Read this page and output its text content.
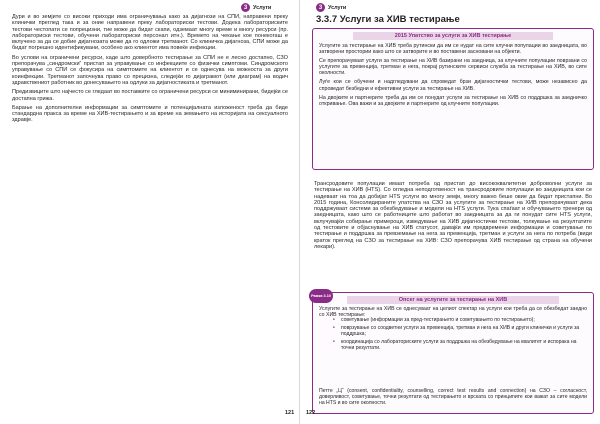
3	Услуги

Дури и во земјите со високи приходи има ограничувања како за дијагнози на СПИ, направени преку клинички преглед така и за оние направени преку лабораториски тестови. Додека лабораториските тестови честопати се попрецизни, тие може да бидат скапи, одземаат многу време и многу ресурси (пр. лабораториски тестови, обучени лабораториски персонал итн.). Времето на чекање кое понекогаш е вклучено за да се добие дијагнозата може да го одложи третманот. Со клиничка дијагноза, СПИ може да бидат погрешно идентификувани, особено ако клиентот има повеќе инфекции.

Во услови на ограничени ресурси, каде што довербното тестирање за СПИ не е лесно достапно, СЗО препорачува „синдромски“ пристап за управување со инфекциите со физички симптоми. Синдромското управување со СПИ се фокусира на симптомите на клиентот и се однесува на можноста за други коинфекции. Третманот започнува право со прецизна, следејќи го дијаграмот (или диаграм) на водич здравствениот работник во донесувањето на одлуки за дијагностиката и третманот.

Предизвиците што најчесто се гледаат во поставките со ограничени ресурси се миниминирани, бидејќи се достапна грижа.

Барање на дополнителни информации за симптомите и потенцијалната изложеност треба да биде стандардна пракса за време на ХИВ-тестирањето и за време на земањето на историјата на сексуалното здравје.

121
3	Услуги
3.3.7 Услуги за ХИВ тестирање
2015 Упатство за услуги за ХИВ тестирање

Услугите за тестирање на ХИВ треба рутински да им се нудат на сите клучни популации во заедницата, во затворени простории како што се затворите и во поставени засновани на објекти.

Се препорачуваат услуги за тестирање на ХИВ базирани на заедница, за клучните популации поврзани со услугите за превенција, третман и нега, покрај рутинските сервиси служба за тестирање на ХИВ, во сите околности.

Луѓе кои се обучени и надгледувани да спроведат брзи дијагностички тестови, може независно да спроведат безбедни и ефективни услуги за тестирање на ХИВ.

На двојките и партнерите треба да им се понудат услуги за тестирање на ХИВ со поддршка за заедничко откривање. Ова важи и за двојките и партнерите од клучните популации.

Трансродовите популации имаат потреба од пристап до висококвалитетни доброволни услуги за тестирање на ХИВ (HTS). Со огледна неподготвеност на трансродовите популации во заедницата кои се надеваат на тоа да добијат HTS услуги во многу земји, многу важно беше овие да бидат пристапни. Во 2015 година, Консолидираните упатства на СЗО за услугите за тестирање на ХИВ препорачуваат дека поддржуваат системи за обезбедување и модели на HTS услуги. Тука спаѓаат и обучувањето тренери од заедницата, како што се работниците што работат во заедницата за да ги понудат сите HTS услуги, вклучувајќи собирање примероци, изведување на ХИВ дијагностички тестови, толкување на резултатите од тестовите и објаснување на ХИВ статусот, давајќи им предвремени информации и советување по тестирање и поддршка за превземање на нега за превенција, третман и услуги за нега по потреба (види краток преглед на СЗО за тестирање на ХИВ: СЗО препорачува ХИВ тестирање од страна на обучени лекари).
Рамка 3.10
Опсег на услугите за тестирање на ХИВ
Услугите за тестирање на ХИВ се однесуваат на целиот спектар на услуги кои треба да се обезбедат заедно со ХИВ тестирање:
• советување (информации за пред-тестирањето и советувањето по тестирањето);
• поврзување со соодветни услуги за превенција, третман и нега на ХИВ и други клинички и услуги за поддршка;
• координација со лабораториските услуги за поддршка на обезбедување на квалитет и испорака на точни резултати.
Петте „Ц“ (consent, confidentiality, counselling, correct test results and connection) на СЗО – согласност, доверливост, советување, точни резултати од тестирањето и врската со принципите кои важат за сите модели на HTS и во сите околности.
122
